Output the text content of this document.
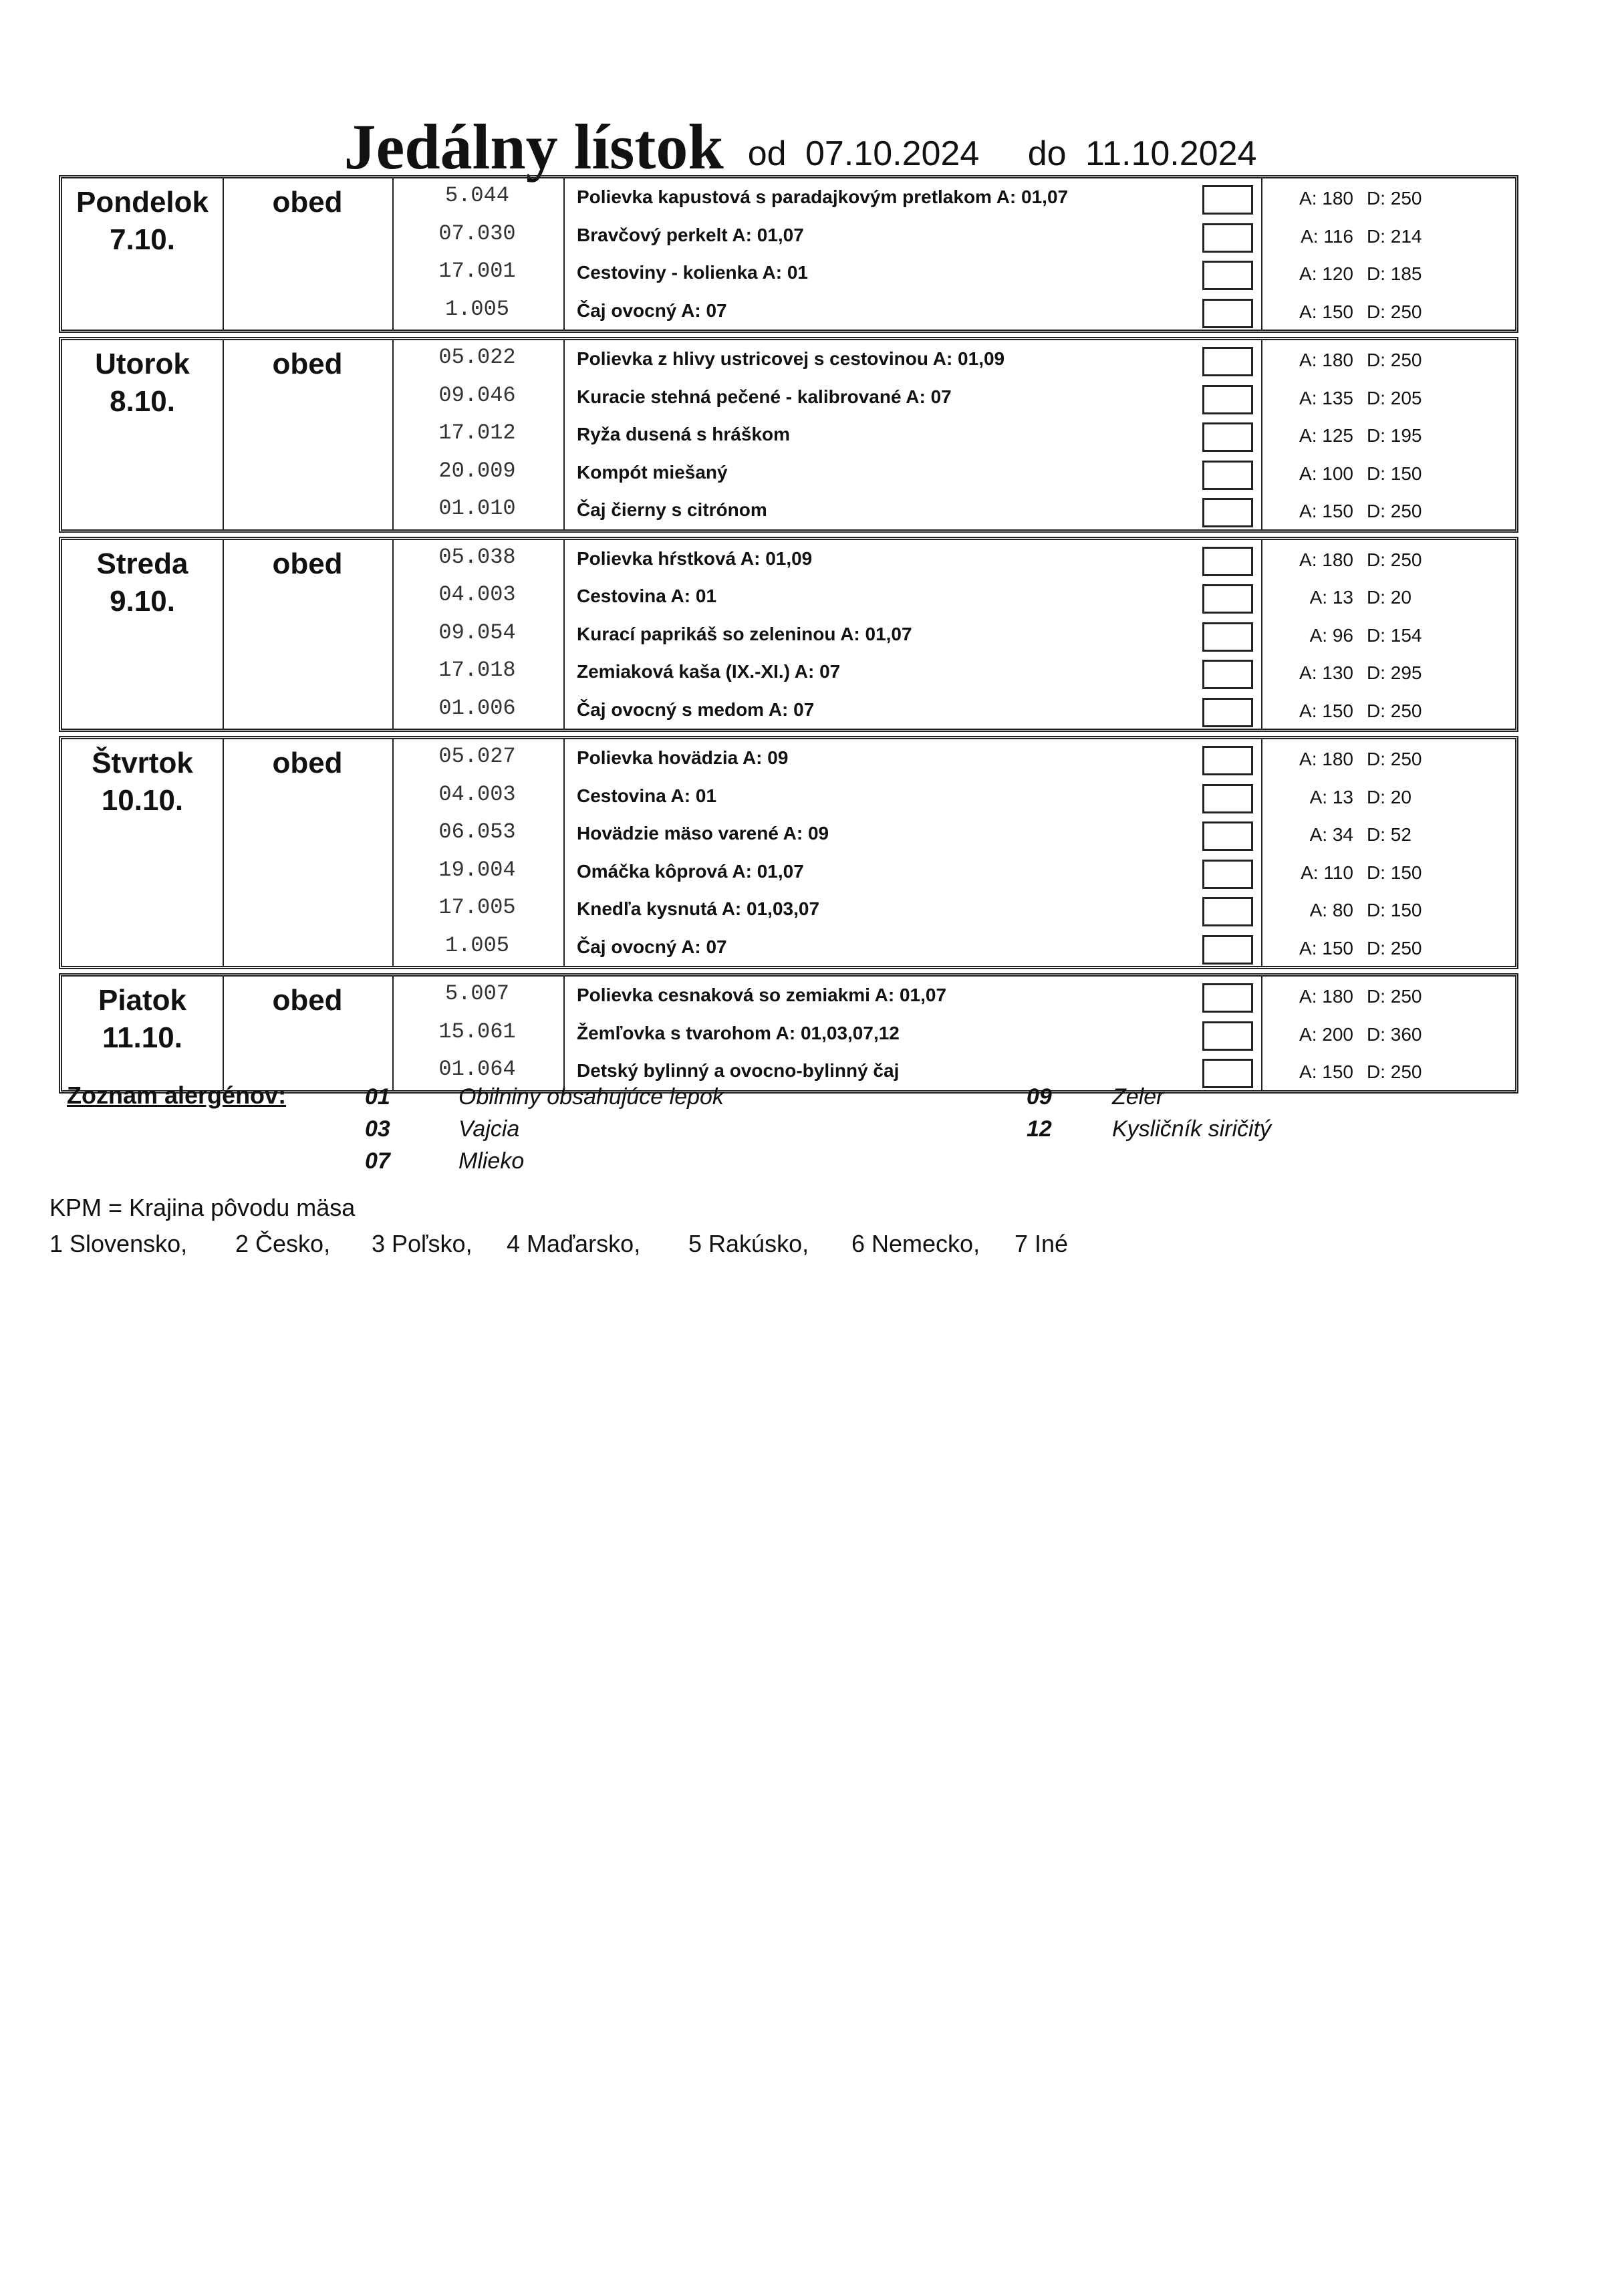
Jedálny lístok od 07.10.2024 do 11.10.2024
Pondelok
7.10.
obed	5.044	Polievka kapustová s paradajkovým pretlakom A: 01,07	A: 180 D: 250
07.030	Bravčový perkelt A: 01,07	A: 116 D: 214
17.001	Cestoviny - kolienka A: 01	A: 120 D: 185
1.005	Čaj ovocný A: 07	A: 150 D: 250
Utorok
8.10.
obed	05.022	Polievka z hlivy ustricovej s cestovinou A: 01,09	A: 180 D: 250
09.046	Kuracie stehná pečené - kalibrované A: 07	A: 135 D: 205
17.012	Ryža dusená s hráškom	A: 125 D: 195
20.009	Kompót miešaný	A: 100 D: 150
01.010	Čaj čierny s citrónom	A: 150 D: 250
Streda
9.10.
obed	05.038	Polievka hŕstková A: 01,09	A: 180 D: 250
04.003	Cestovina A: 01	A: 13 D: 20
09.054	Kurací paprikáš so zeleninou A: 01,07	A: 96 D: 154
17.018	Zemiaková kaša (IX.-XI.) A: 07	A: 130 D: 295
01.006	Čaj ovocný s medom A: 07	A: 150 D: 250
Štvrtok
10.10.
obed	05.027	Polievka hovädzia A: 09	A: 180 D: 250
04.003	Cestovina A: 01	A: 13 D: 20
06.053	Hovädzie mäso varené A: 09	A: 34 D: 52
19.004	Omáčka kôprová A: 01,07	A: 110 D: 150
17.005	Knedľa kysnutá A: 01,03,07	A: 80 D: 150
1.005	Čaj ovocný A: 07	A: 150 D: 250
Piatok
11.10.
obed	5.007	Polievka cesnaková so zemiakmi A: 01,07	A: 180 D: 250
15.061	Žemľovka s tvarohom A: 01,03,07,12	A: 200 D: 360
01.064	Detský bylinný a ovocno-bylinný čaj	A: 150 D: 250
Zoznam alergénov:	01	Obilniny obsahujúce lepok
03	Vajcia
07	Mlieko
09	Zeler
12	Kysličník siričitý
KPM = Krajina pôvodu mäsa
1 Slovensko, 2 Česko, 3 Poľsko, 4 Maďarsko, 5 Rakúsko, 6 Nemecko, 7 Iné
